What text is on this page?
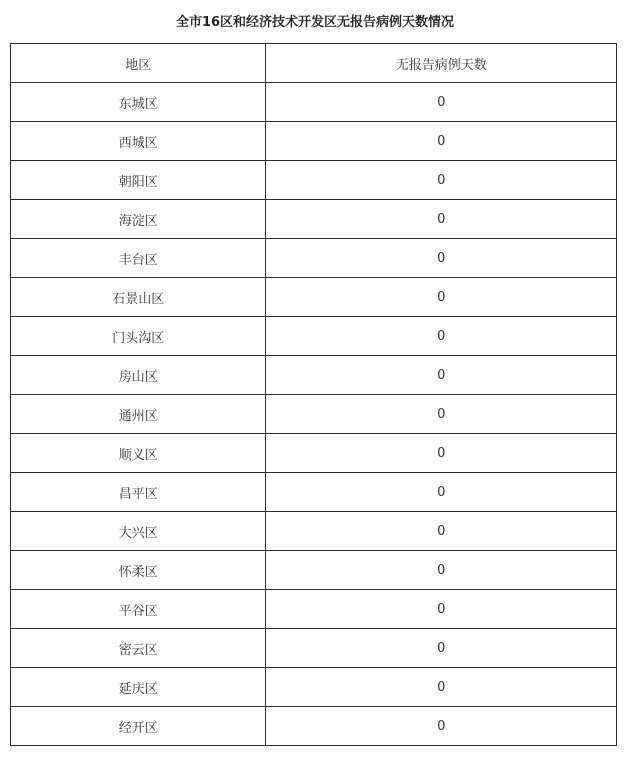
全市16区和经济技术开发区无报告病例天数情况
地区	无报告病例天数
东城区	0
西城区	0
朝阳区	0
海淀区	0
丰台区	0
石景山区	0
门头沟区	0
房山区	0
通州区	0
顺义区	0
昌平区	0
大兴区	0
怀柔区	0
平谷区	0
密云区	0
延庆区	0
经开区	0
